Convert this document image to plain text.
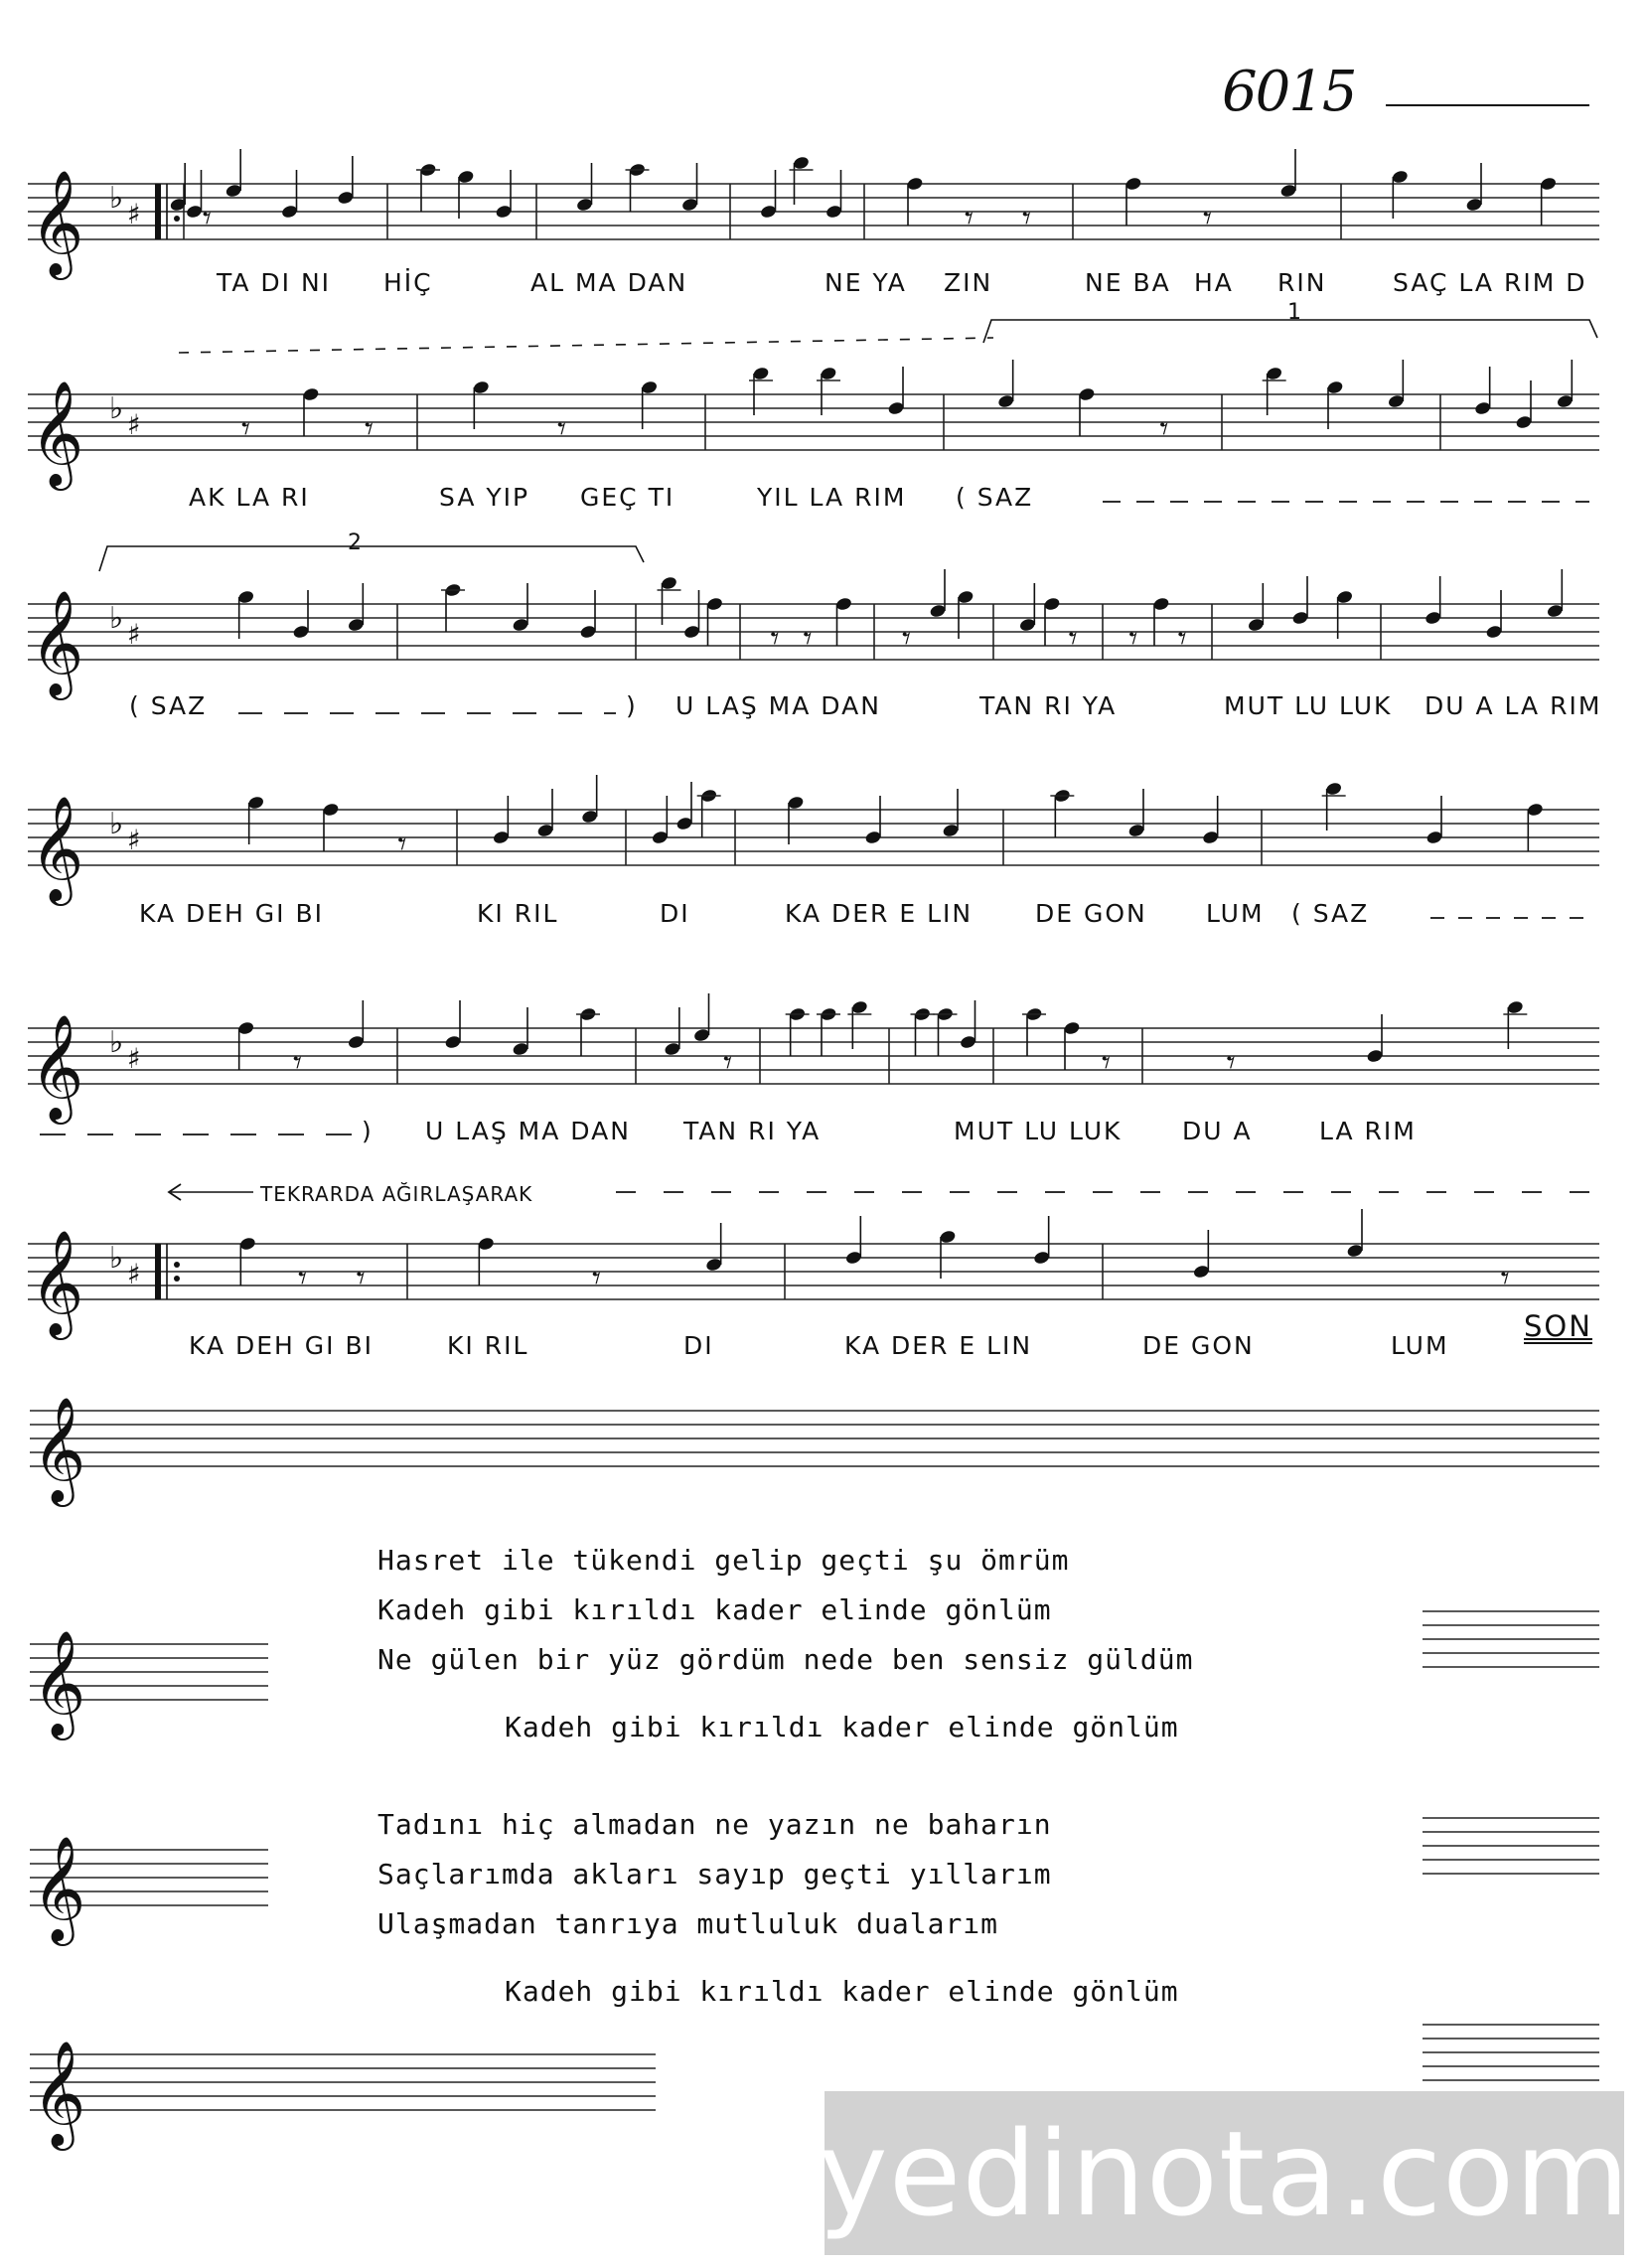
𝄞 ♭ ♯ 𝄾	𝄾 𝄾	𝄾
𝄞 ♭ ♯	𝄾	𝄾	𝄾	𝄾
𝄞 ♭ ♯	𝄾 𝄾	𝄾	𝄾 𝄾 𝄾
𝄞 ♭ ♯	𝄾
𝄞 ♭ ♯	𝄾	𝄾	𝄾	𝄾
𝄞 ♭ ♯	𝄾 𝄾	𝄾	𝄾
𝄞
𝄞
𝄞
𝄞
6015
TA DI NI HİÇ	AL MA DAN	NE YA ZIN	NE BA HA RIN	SAÇ LA RIM D
AK LA RI	SA YIP GEÇ TI	YIL LA RIM ( SAZ
( SAZ	) U LAŞ MA DAN	TAN RI YA	MUT LU LUK DU A LA RIM
KA DEH GI BI	KI RIL	DI	KA DER E LIN	DE GON LUM ( SAZ
) U LAŞ MA DAN TAN RI YA	MUT LU LUK DU A	LA RIM
KA DEH GI BI	KI RIL	DI	KA DER E LIN	DE GON	LUM
SON
1
2
TEKRARDA AĞIRLAŞARAK
Hasret ile tükendi gelip geçti şu ömrüm
Kadeh gibi kırıldı kader elinde gönlüm
Ne gülen bir yüz gördüm nede ben sensiz güldüm
Kadeh gibi kırıldı kader elinde gönlüm
Tadını hiç almadan ne yazın ne baharın
Saçlarımda akları sayıp geçti yıllarım
Ulaşmadan tanrıya mutluluk dualarım
Kadeh gibi kırıldı kader elinde gönlüm
yedinota.com
